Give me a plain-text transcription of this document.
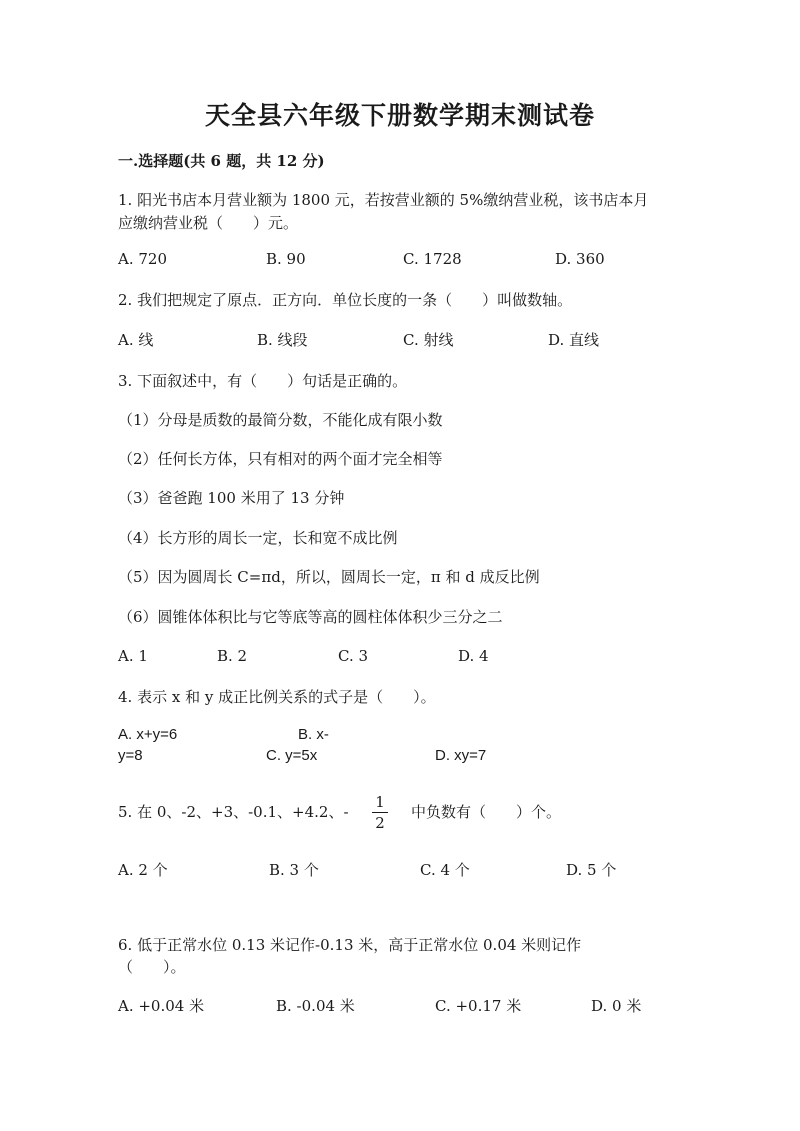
天全县六年级下册数学期末测试卷
一.选择题(共 6 题，共 12 分)
1. 阳光书店本月营业额为 1800 元，若按营业额的 5%缴纳营业税，该书店本月
应缴纳营业税（　　）元。
A. 720	B. 90	C. 1728	D. 360
2. 我们把规定了原点．正方向．单位长度的一条（　　）叫做数轴。
A. 线	B. 线段	C. 射线	D. 直线
3. 下面叙述中，有（　　）句话是正确的。
（1）分母是质数的最简分数，不能化成有限小数
（2）任何长方体，只有相对的两个面才完全相等
（3）爸爸跑 100 米用了 13 分钟
（4）长方形的周长一定，长和宽不成比例
（5）因为圆周长 C=πd，所以，圆周长一定，π 和 d 成反比例
（6）圆锥体体积比与它等底等高的圆柱体体积少三分之二
A. 1	B. 2	C. 3	D. 4
4. 表示 x 和 y 成正比例关系的式子是（　　）。
A. x+y=6	B. x-
y=8	C. y=5x	D. xy=7
5. 在 0、-2、+3、-0.1、+4.2、-
1
2
中负数有（　　）个。
A. 2 个	B. 3 个	C. 4 个	D. 5 个
6. 低于正常水位 0.13 米记作-0.13 米，高于正常水位 0.04 米则记作
（　　）。
A. +0.04 米	B. -0.04 米	C. +0.17 米	D. 0 米
